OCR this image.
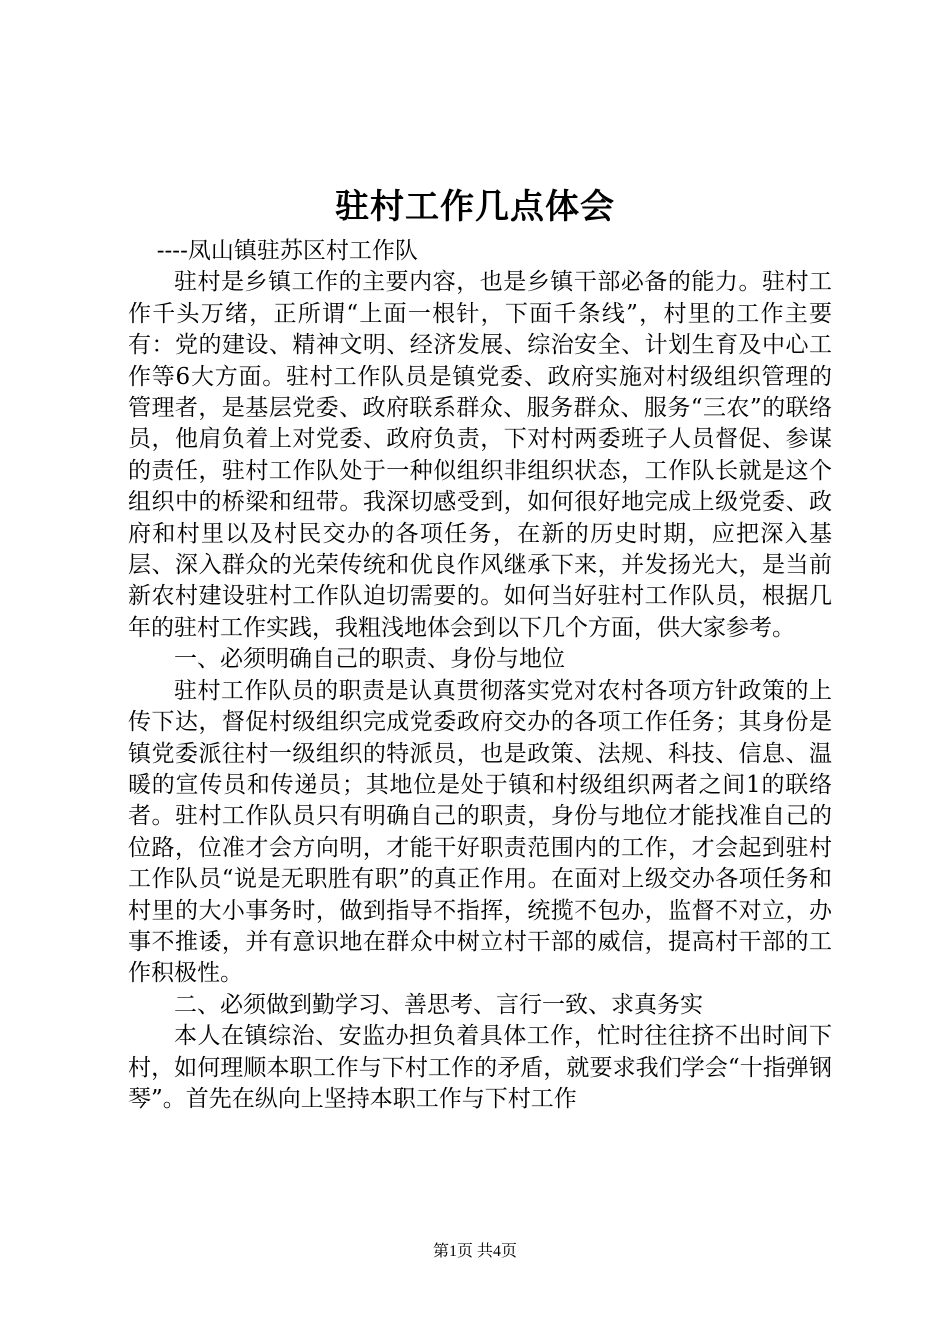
驻村工作几点体会

----凤山镇驻苏区村工作队

驻村是乡镇工作的主要内容，也是乡镇干部必备的能力。驻村工作千头万绪，正所谓“上面一根针，下面千条线”，村里的工作主要有：党的建设、精神文明、经济发展、综治安全、计划生育及中心工作等6大方面。驻村工作队员是镇党委、政府实施对村级组织管理的管理者，是基层党委、政府联系群众、服务群众、服务“三农”的联络员，他肩负着上对党委、政府负责，下对村两委班子人员督促、参谋的责任，驻村工作队处于一种似组织非组织状态，工作队长就是这个组织中的桥梁和纽带。我深切感受到，如何很好地完成上级党委、政府和村里以及村民交办的各项任务，在新的历史时期，应把深入基层、深入群众的光荣传统和优良作风继承下来，并发扬光大，是当前新农村建设驻村工作队迫切需要的。如何当好驻村工作队员，根据几年的驻村工作实践，我粗浅地体会到以下几个方面，供大家参考。

一、必须明确自己的职责、身份与地位

驻村工作队员的职责是认真贯彻落实党对农村各项方针政策的上传下达，督促村级组织完成党委政府交办的各项工作任务；其身份是镇党委派往村一级组织的特派员，也是政策、法规、科技、信息、温暖的宣传员和传递员；其地位是处于镇和村级组织两者之间1的联络者。驻村工作队员只有明确自己的职责，身份与地位才能找准自己的位路，位准才会方向明，才能干好职责范围内的工作，才会起到驻村工作队员“说是无职胜有职”的真正作用。在面对上级交办各项任务和村里的大小事务时，做到指导不指挥，统揽不包办，监督不对立，办事不推诿，并有意识地在群众中树立村干部的威信，提高村干部的工作积极性。

二、必须做到勤学习、善思考、言行一致、求真务实

本人在镇综治、安监办担负着具体工作，忙时往往挤不出时间下村，如何理顺本职工作与下村工作的矛盾，就要求我们学会“十指弹钢琴”。首先在纵向上坚持本职工作与下村工作

第1页 共4页
